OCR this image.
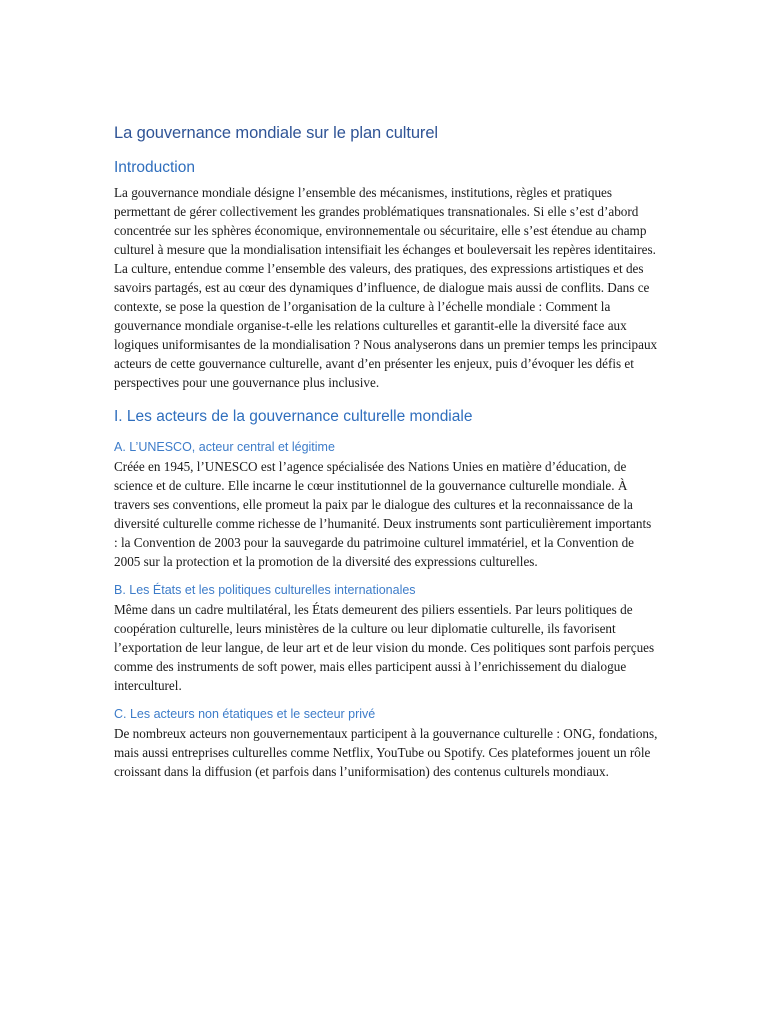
La gouvernance mondiale sur le plan culturel
Introduction

La gouvernance mondiale désigne l’ensemble des mécanismes, institutions, règles et pratiques permettant de gérer collectivement les grandes problématiques transnationales. Si elle s’est d’abord concentrée sur les sphères économique, environnementale ou sécuritaire, elle s’est étendue au champ culturel à mesure que la mondialisation intensifiait les échanges et bouleversait les repères identitaires. La culture, entendue comme l’ensemble des valeurs, des pratiques, des expressions artistiques et des savoirs partagés, est au cœur des dynamiques d’influence, de dialogue mais aussi de conflits. Dans ce contexte, se pose la question de l’organisation de la culture à l’échelle mondiale : Comment la gouvernance mondiale organise-t-elle les relations culturelles et garantit-elle la diversité face aux logiques uniformisantes de la mondialisation ? Nous analyserons dans un premier temps les principaux acteurs de cette gouvernance culturelle, avant d’en présenter les enjeux, puis d’évoquer les défis et perspectives pour une gouvernance plus inclusive.

I. Les acteurs de la gouvernance culturelle mondiale
A. L’UNESCO, acteur central et légitime

Créée en 1945, l’UNESCO est l’agence spécialisée des Nations Unies en matière d’éducation, de science et de culture. Elle incarne le cœur institutionnel de la gouvernance culturelle mondiale. À travers ses conventions, elle promeut la paix par le dialogue des cultures et la reconnaissance de la diversité culturelle comme richesse de l’humanité. Deux instruments sont particulièrement importants : la Convention de 2003 pour la sauvegarde du patrimoine culturel immatériel, et la Convention de 2005 sur la protection et la promotion de la diversité des expressions culturelles.

B. Les États et les politiques culturelles internationales

Même dans un cadre multilatéral, les États demeurent des piliers essentiels. Par leurs politiques de coopération culturelle, leurs ministères de la culture ou leur diplomatie culturelle, ils favorisent l’exportation de leur langue, de leur art et de leur vision du monde. Ces politiques sont parfois perçues comme des instruments de soft power, mais elles participent aussi à l’enrichissement du dialogue interculturel.

C. Les acteurs non étatiques et le secteur privé

De nombreux acteurs non gouvernementaux participent à la gouvernance culturelle : ONG, fondations, mais aussi entreprises culturelles comme Netflix, YouTube ou Spotify. Ces plateformes jouent un rôle croissant dans la diffusion (et parfois dans l’uniformisation) des contenus culturels mondiaux.
